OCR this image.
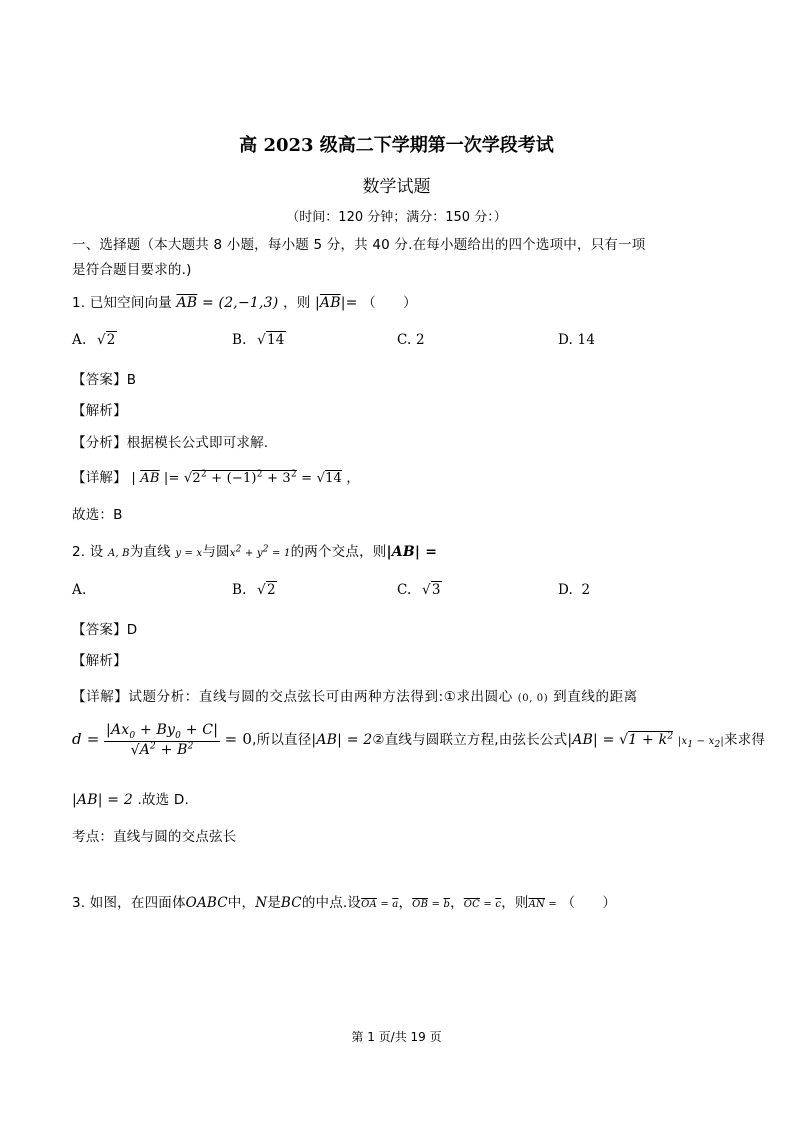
高 2023 级高二下学期第一次学段考试
数学试题
（时间：120 分钟；满分：150 分：）
一、选择题（本大题共 8 小题，每小题 5 分，共 40 分.在每小题给出的四个选项中，只有一项
是符合题目要求的.)
1. 已知空间向量 $\overline{AB} = (2,-1,3)$ ，则 $|\overline{AB}|=$ （　　）
A. √2	B. √14	C. 2	D. 14
【答案】B
【解析】
【分析】根据模长公式即可求解.
【详解】 | $\overline{AB}$ |= $√2^2 + (-1)^2 + 3^2 = √14$ ，
故选：B
2. 设 A, B为直线 y = x与圆x2 + y2 = 1的两个交点，则|AB| =
A.	B. √2	C. √3	D. 2
【答案】D
【解析】
【详解】试题分析：直线与圆的交点弦长可由两种方法得到:①求出圆心 (0, 0) 到直线的距离
$d = \frac{|Ax_0 + By_0 + C|}{√A^2 + B^2} = 0$,所以直径|AB| = 2②直线与圆联立方程,由弦长公式$|AB| = √1 + k^2$ |x1 − x2|来求得
|AB| = 2 .故选 D.
考点：直线与圆的交点弦长
3. 如图，在四面体OABC中，N是BC的中点.设$\overline{OA} = \overline{a}$，$\overline{OB} = \overline{b}$，$\overline{OC} = \overline{c}$，则$\overline{AN}$ = （　　）
第 1 页/共 19 页
